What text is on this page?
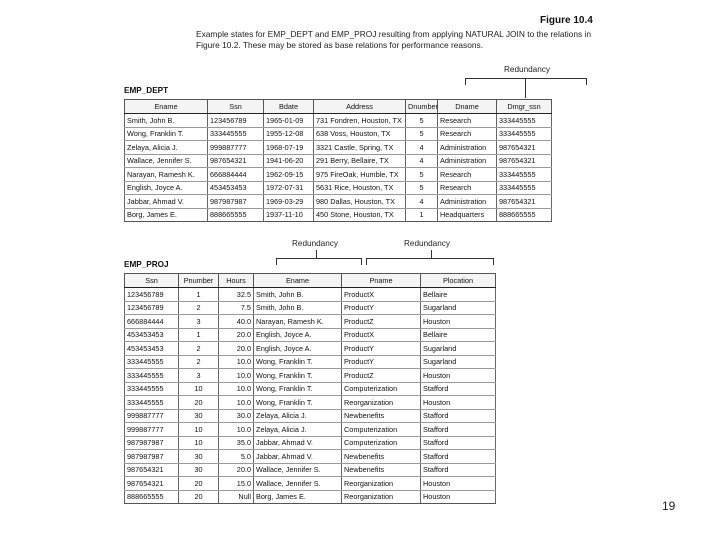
Figure 10.4
Example states for EMP_DEPT and EMP_PROJ resulting from applying NATURAL JOIN to the relations in Figure 10.2. These may be stored as base relations for performance reasons.
Redundancy
EMP_DEPT
Ename	Ssn	Bdate	Address	Dnumber	Dname	Dmgr_ssn
Smith, John B.	123456789	1965-01-09	731 Fondren, Houston, TX	5	Research	333445555
Wong, Franklin T.	333445555	1955-12-08	638 Voss, Houston, TX	5	Research	333445555
Zelaya, Alicia J.	999887777	1968-07-19	3321 Castle, Spring, TX	4	Administration	987654321
Wallace, Jennifer S.	987654321	1941-06-20	291 Berry, Bellaire, TX	4	Administration	987654321
Narayan, Ramesh K.	666884444	1962-09-15	975 FireOak, Humble, TX	5	Research	333445555
English, Joyce A.	453453453	1972-07-31	5631 Rice, Houston, TX	5	Research	333445555
Jabbar, Ahmad V.	987987987	1969-03-29	980 Dallas, Houston, TX	4	Administration	987654321
Borg, James E.	888665555	1937-11-10	450 Stone, Houston, TX	1	Headquarters	888665555
Redundancy	Redundancy
EMP_PROJ
Ssn	Pnumber	Hours	Ename	Pname	Plocation
123456789	1	32.5	Smith, John B.	ProductX	Bellaire
123456789	2	7.5	Smith, John B.	ProductY	Sugarland
666884444	3	40.0	Narayan, Ramesh K.	ProductZ	Houston
453453453	1	20.0	English, Joyce A.	ProductX	Bellaire
453453453	2	20.0	English, Joyce A.	ProductY	Sugarland
333445555	2	10.0	Wong, Franklin T.	ProductY	Sugarland
333445555	3	10.0	Wong, Franklin T.	ProductZ	Houston
333445555	10	10.0	Wong, Franklin T.	Computerization	Stafford
333445555	20	10.0	Wong, Franklin T.	Reorganization	Houston
999887777	30	30.0	Zelaya, Alicia J.	Newbenefits	Stafford
999887777	10	10.0	Zelaya, Alicia J.	Computerization	Stafford
987987987	10	35.0	Jabbar, Ahmad V.	Computerization	Stafford
987987987	30	5.0	Jabbar, Ahmad V.	Newbenefits	Stafford
987654321	30	20.0	Wallace, Jennifer S.	Newbenefits	Stafford
987654321	20	15.0	Wallace, Jennifer S.	Reorganization	Houston
888665555	20	Null	Borg, James E.	Reorganization	Houston
19
